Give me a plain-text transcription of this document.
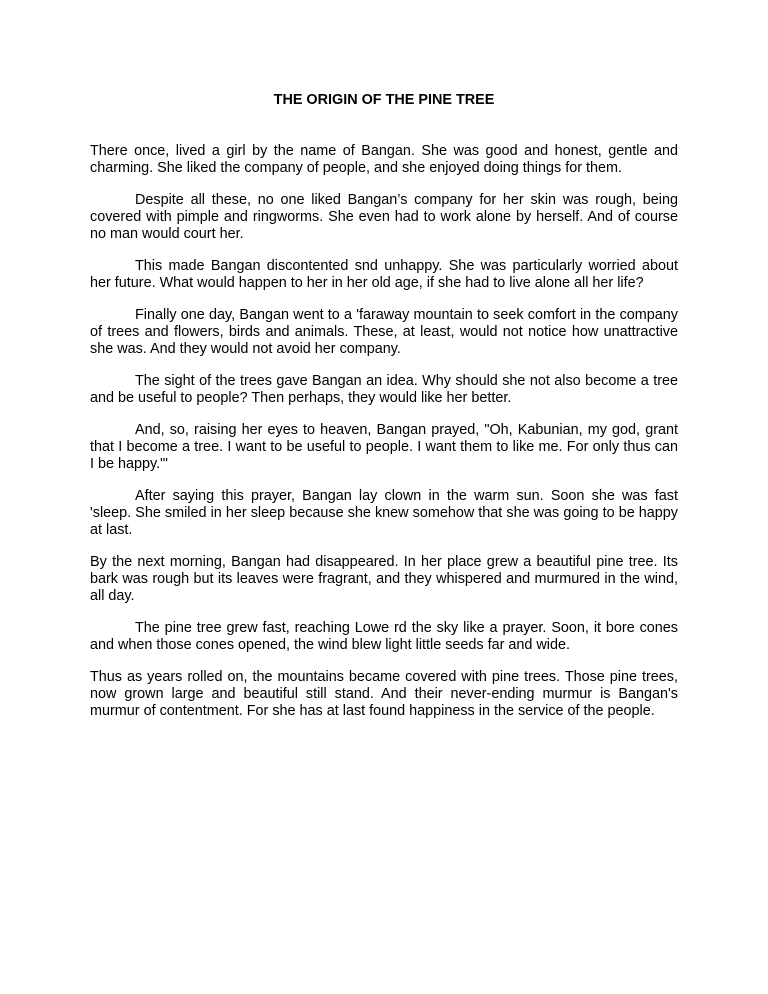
THE ORIGIN OF THE PINE TREE

There once, lived a girl by the name of Bangan. She was good and honest, gentle and charming. She liked the company of people, and she enjoyed doing things for them.

Despite all these, no one liked Bangan’s company for her skin was rough, being covered with pimple and ringworms. She even had to work alone by herself. And of course no man would court her.

This made Bangan discontented snd unhappy. She was particularly worried about her future. What would happen to her in her old age, if she had to live alone all her life?

Finally one day, Bangan went to a 'faraway mountain to seek comfort in the company of trees and flowers, birds and animals. These, at least, would not notice how unattractive she was. And they would not avoid her company.

The sight of the trees gave Bangan an idea. Why should she not also become a tree and be useful to people? Then perhaps, they would like her better.

And, so, raising her eyes to heaven, Bangan prayed, "Oh, Kabunian, my god, grant that I become a tree. I want to be useful to people. I want them to like me. For only thus can I be happy."'

After saying this prayer, Bangan lay clown in the warm sun. Soon she was fast 'sleep. She smiled in her sleep because she knew somehow that she was going to be happy at last.

By the next morning, Bangan had disappeared. In her place grew a beautiful pine tree. Its bark was rough but its leaves were fragrant, and they whispered and murmured in the wind, all day.

The pine tree grew fast, reaching Lowe rd the sky like a prayer. Soon, it bore cones and when those cones opened, the wind blew light little seeds far and wide.

Thus as years rolled on, the mountains became covered with pine trees. Those pine trees, now grown large and beautiful still stand. And their never-ending murmur is Bangan's murmur of contentment. For she has at last found happiness in the service of the people.
